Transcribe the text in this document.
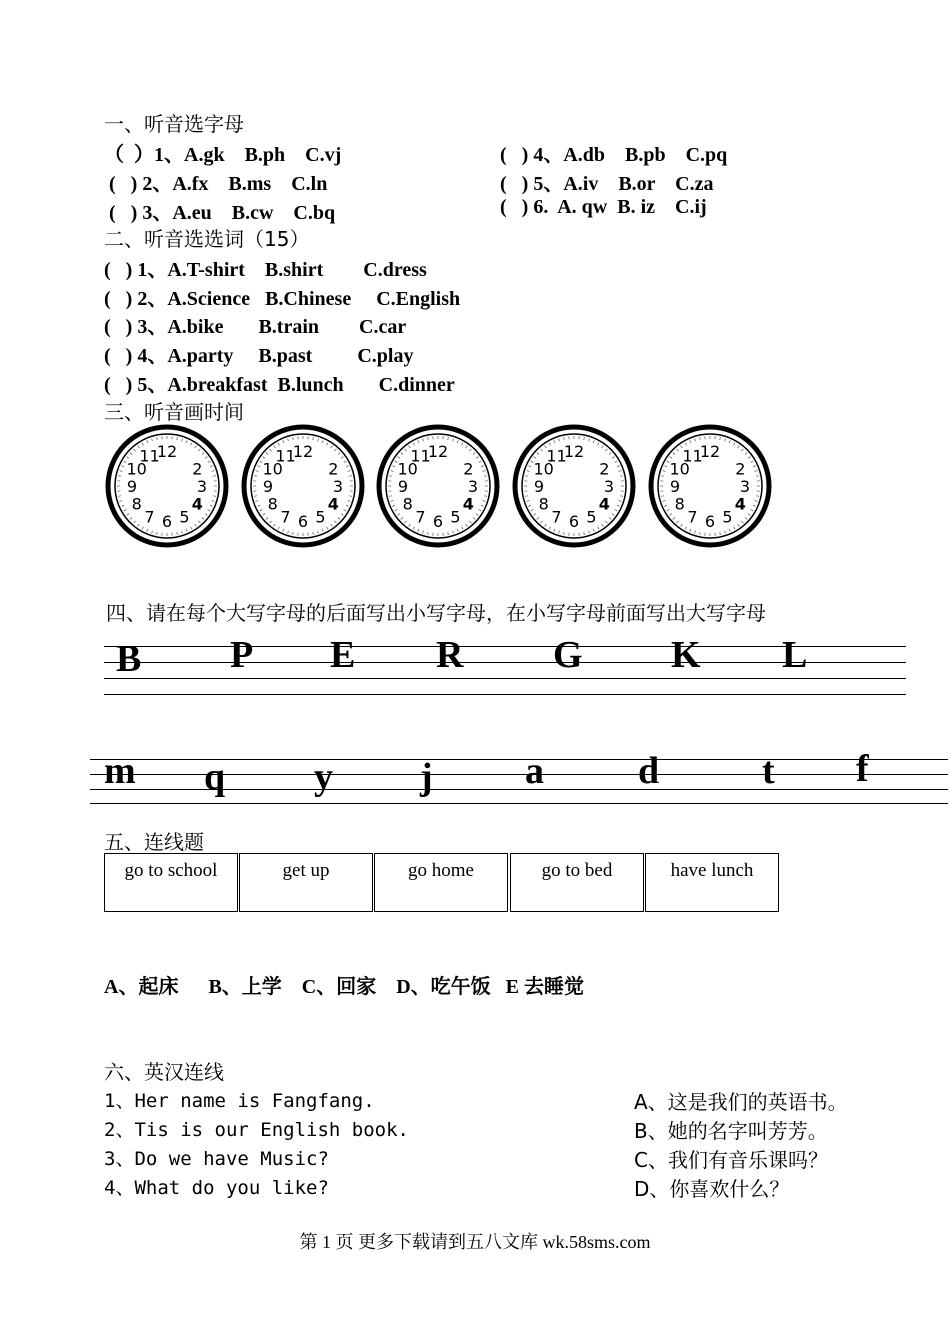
一、听音选字母
（  ）1、A.gk    B.ph    C.vj
(   ) 2、A.fx    B.ms    C.ln
(   ) 3、A.eu    B.cw    C.bq
(   ) 4、A.db    B.pb    C.pq
(   ) 5、A.iv    B.or    C.za
(   ) 6.  A. qw  B. iz    C.ij
二、听音选选词（15）
(   ) 1、A.T-shirt    B.shirt        C.dress
(   ) 2、A.Science   B.Chinese     C.English
(   ) 3、A.bike       B.train        C.car
(   ) 4、A.party     B.past         C.play
(   ) 5、A.breakfast  B.lunch       C.dinner
三、听音画时间
12
2
3
4
5
6
7
8
9
10
11	12
2
3
4
5
6
7
8
9
10
11	12
2
3
4
5
6
7
8
9
10
11	12
2
3
4
5
6
7
8
9
10
11	12
2
3
4
5
6
7
8
9
10
11
四、请在每个大写字母的后面写出小写字母，在小写字母前面写出大写字母
B P E R G K L
m q y j a d	t f
五、连线题
go to school	get up	go home	go to bed	have lunch
A、起床      B、上学    C、回家    D、吃午饭   E 去睡觉
六、英汉连线
1、Her name is Fangfang.
2、Tis is our English book.
3、Do we have Music?
4、What do you like?
A、这是我们的英语书。
B、她的名字叫芳芳。
C、我们有音乐课吗？
D、你喜欢什么？
第 1 页 更多下载请到五八文库 wk.58sms.com
